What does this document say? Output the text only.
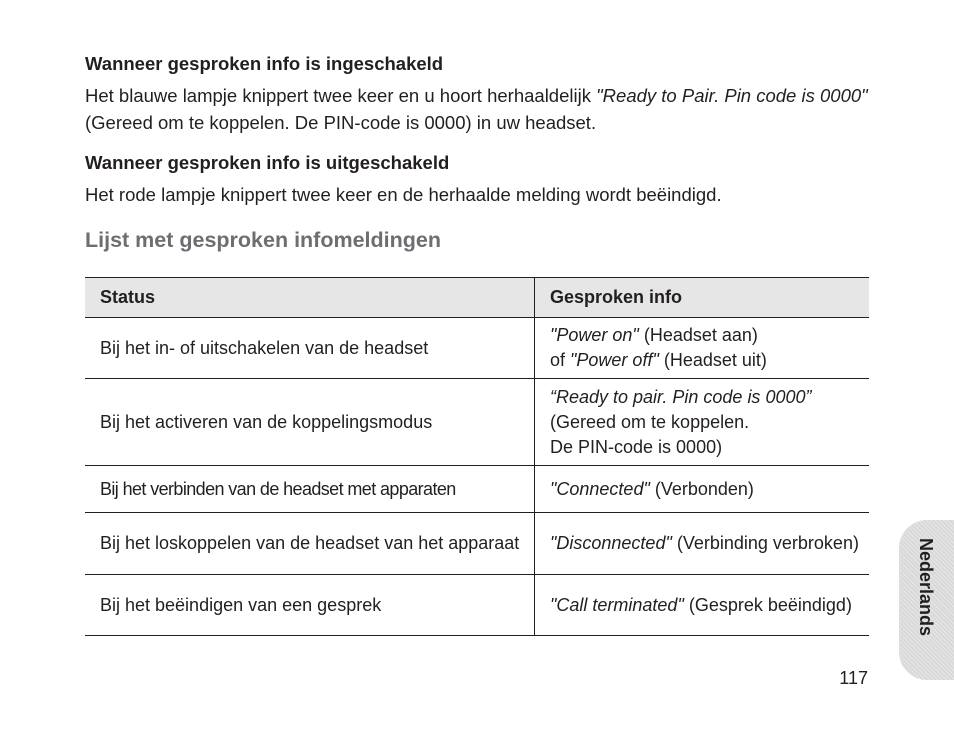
Wanneer gesproken info is ingeschakeld

Het blauwe lampje knippert twee keer en u hoort herhaaldelijk "Ready to Pair. Pin code is 0000" (Gereed om te koppelen. De PIN-code is 0000) in uw headset.

Wanneer gesproken info is uitgeschakeld

Het rode lampje knippert twee keer en de herhaalde melding wordt beëindigd.

Lijst met gesproken infomeldingen
Status	Gesproken info
Bij het in- of uitschakelen van de headset	"Power on" (Headset aan)
of "Power off" (Headset uit)
Bij het activeren van de koppelingsmodus	“Ready to pair. Pin code is 0000”
(Gereed om te koppelen.
De PIN-code is 0000)
Bij het verbinden van de headset met apparaten	"Connected" (Verbonden)
Bij het loskoppelen van de headset van het apparaat	"Disconnected" (Verbinding verbroken)
Bij het beëindigen van een gesprek	"Call terminated" (Gesprek beëindigd)	Nederlands
117
